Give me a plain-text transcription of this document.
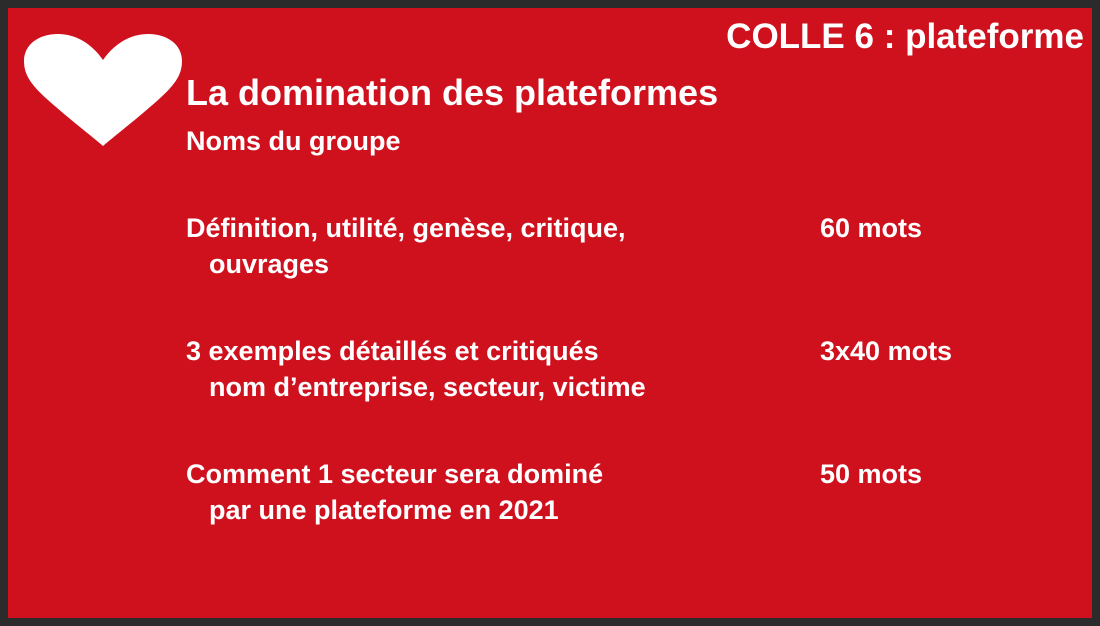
COLLE 6 : plateforme
La domination des plateformes
Noms du groupe
Définition, utilité, genèse, critique,
ouvrages
60 mots
3 exemples détaillés et critiqués
nom d’entreprise, secteur, victime
3x40 mots
Comment 1 secteur sera dominé
par une plateforme en 2021
50 mots
